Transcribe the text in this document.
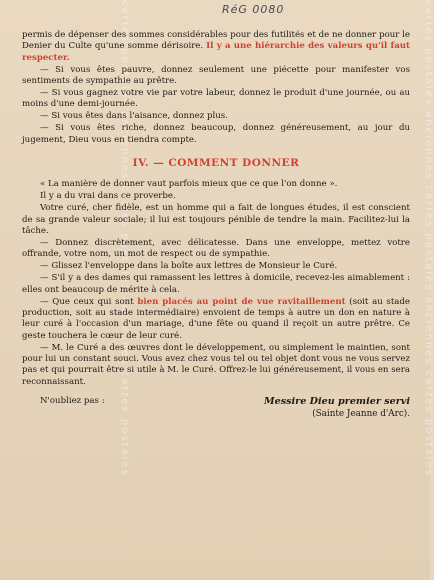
cartes postales anciennes cartes postales anciennes cartes postales	cartes postales anciennes cartes postales anciennes cartes postales
RéG 0080

permis de dépenser des sommes considérables pour des futilités et de ne donner pour le Denier du Culte qu'une somme dérisoire. Il y a une hiérarchie des valeurs qu'il faut respecter.

— Si vous êtes pauvre, donnez seulement une piécette pour manifester vos sentiments de sympathie au prêtre.

— Si vous gagnez votre vie par votre labeur, donnez le produit d'une journée, ou au moins d'une demi-journée.

— Si vous êtes dans l'aisance, donnez plus.

— Si vous êtes riche, donnez beaucoup, donnez généreusement, au jour du jugement, Dieu vous en tiendra compte.

IV. — COMMENT DONNER

« La manière de donner vaut parfois mieux que ce que l'on donne ».

Il y a du vrai dans ce proverbe.

Votre curé, cher fidèle, est un homme qui a fait de longues études, il est conscient de sa grande valeur sociale; il lui est toujours pénible de tendre la main. Facilitez-lui la tâche.

— Donnez discrètement, avec délicatesse. Dans une enveloppe, mettez votre offrande, votre nom, un mot de respect ou de sympathie.

— Glissez l'enveloppe dans la boîte aux lettres de Monsieur le Curé.

— S'il y a des dames qui ramassent les lettres à domicile, recevez-les aimablement : elles ont beaucoup de mérite à cela.

— Que ceux qui sont bien placés au point de vue ravitaillement (soit au stade production, soit au stade intermédiaire) envoient de temps à autre un don en nature à leur curé à l'occasion d'un mariage, d'une fête ou quand il reçoit un autre prêtre. Ce geste touchera le cœur de leur curé.

— M. le Curé a des œuvres dont le développement, ou simplement le maintien, sont pour lui un constant souci. Vous avez chez vous tel ou tel objet dont vous ne vous servez pas et qui pourrait être si utile à M. le Curé. Offrez-le lui généreusement, il vous en sera reconnaissant.

N'oubliez pas :	Messire Dieu premier servi
(Sainte Jeanne d'Arc).
